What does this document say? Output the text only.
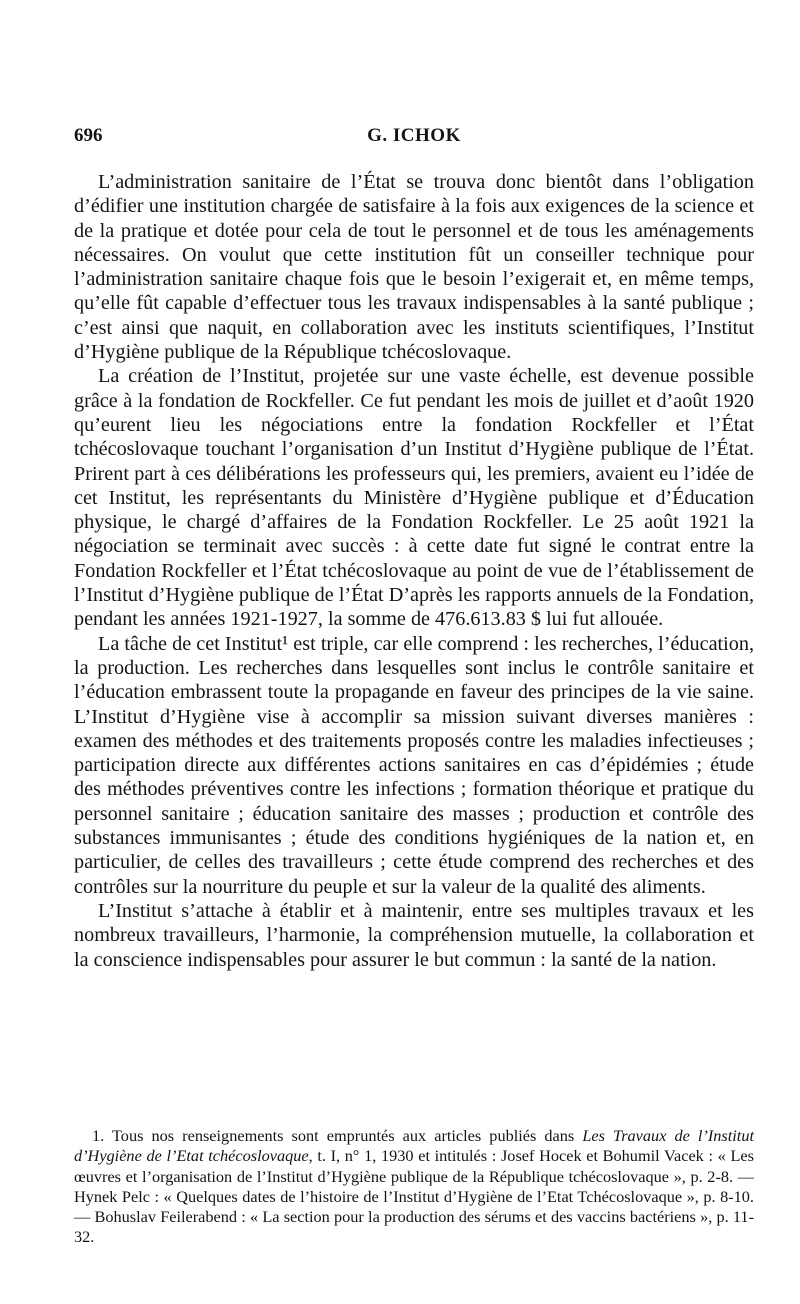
696	G. ICHOK

L’administration sanitaire de l’État se trouva donc bientôt dans l’obligation d’édifier une institution chargée de satisfaire à la fois aux exigences de la science et de la pratique et dotée pour cela de tout le personnel et de tous les aménagements nécessaires. On voulut que cette institution fût un conseiller technique pour l’administration sanitaire chaque fois que le besoin l’exigerait et, en même temps, qu’elle fût capable d’effectuer tous les travaux indispensables à la santé publique ; c’est ainsi que naquit, en collaboration avec les instituts scientifiques, l’Institut d’Hygiène publique de la République tchécoslovaque.

La création de l’Institut, projetée sur une vaste échelle, est devenue possible grâce à la fondation de Rockfeller. Ce fut pendant les mois de juillet et d’août 1920 qu’eurent lieu les négociations entre la fondation Rockfeller et l’État tchécoslovaque touchant l’organisation d’un Institut d’Hygiène publique de l’État. Prirent part à ces délibérations les professeurs qui, les premiers, avaient eu l’idée de cet Institut, les représentants du Ministère d’Hygiène publique et d’Éducation physique, le chargé d’affaires de la Fondation Rockfeller. Le 25 août 1921 la négociation se terminait avec succès : à cette date fut signé le contrat entre la Fondation Rockfeller et l’État tchécoslovaque au point de vue de l’établissement de l’Institut d’Hygiène publique de l’État D’après les rapports annuels de la Fondation, pendant les années 1921-1927, la somme de 476.613.83 $ lui fut allouée.

La tâche de cet Institut¹ est triple, car elle comprend : les recherches, l’éducation, la production. Les recherches dans lesquelles sont inclus le contrôle sanitaire et l’éducation embrassent toute la propagande en faveur des principes de la vie saine. L’Institut d’Hygiène vise à accomplir sa mission suivant diverses manières : examen des méthodes et des traitements proposés contre les maladies infectieuses ; participation directe aux différentes actions sanitaires en cas d’épidémies ; étude des méthodes préventives contre les infections ; formation théorique et pratique du personnel sanitaire ; éducation sanitaire des masses ; production et contrôle des substances immunisantes ; étude des conditions hygiéniques de la nation et, en particulier, de celles des travailleurs ; cette étude comprend des recherches et des contrôles sur la nourriture du peuple et sur la valeur de la qualité des aliments.

L’Institut s’attache à établir et à maintenir, entre ses multiples travaux et les nombreux travailleurs, l’harmonie, la compréhension mutuelle, la collaboration et la conscience indispensables pour assurer le but commun : la santé de la nation.

1. Tous nos renseignements sont empruntés aux articles publiés dans Les Travaux de l’Institut d’Hygiène de l’Etat tchécoslovaque, t. I, n° 1, 1930 et intitulés : Josef Hocek et Bohumil Vacek : « Les œuvres et l’organisation de l’Institut d’Hygiène publique de la République tchécoslovaque », p. 2-8. — Hynek Pelc : « Quelques dates de l’histoire de l’Institut d’Hygiène de l’Etat Tchécoslovaque », p. 8-10. — Bohuslav Feilerabend : « La section pour la production des sérums et des vaccins bactériens », p. 11-32.
